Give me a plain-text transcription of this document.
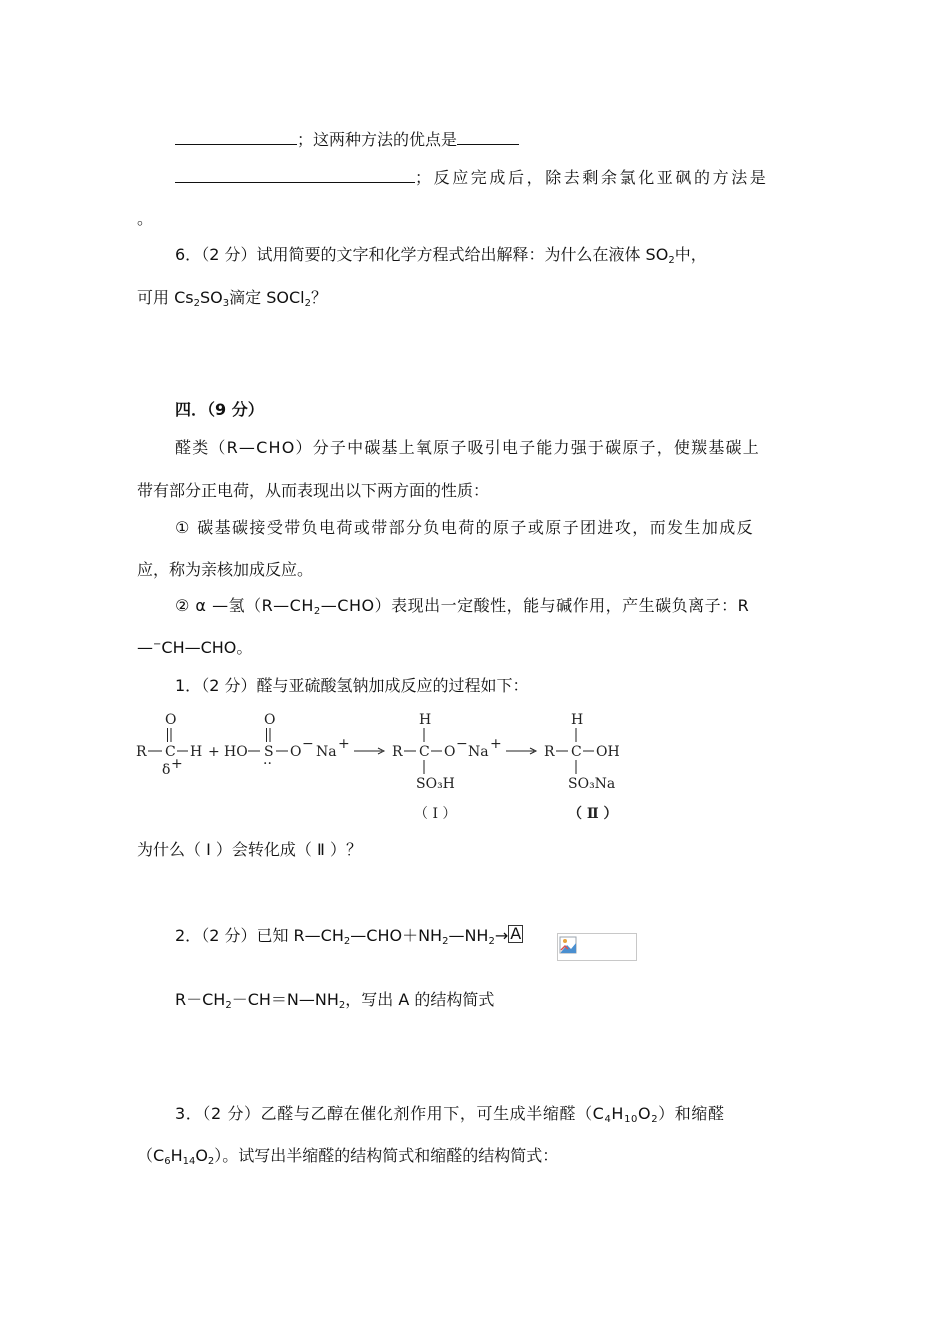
；这两种方法的优点是
；反应完成后，除去剩余氯化亚砜的方法是
。
6．（2 分）试用简要的文字和化学方程式给出解释：为什么在液体 $SO_2$中，
可用 $Cs_2SO_3$滴定 SOCl$_2$？
四．（9 分）
醛类（R—CHO）分子中碳基上氧原子吸引电子能力强于碳原子，使羰基碳上
带有部分正电荷，从而表现出以下两方面的性质：
① 碳基碳接受带负电荷或带部分负电荷的原子或原子团进攻，而发生加成反
应，称为亲核加成反应。
② α —氢$(R—CH_2—CHO)$表现出一定酸性，能与碱作用，产生碳负离子：R
—−CH—CHO。
1．（2 分）醛与亚硫酸氢钠加成反应的过程如下：
O
R C H
δ +
+ HO
O
S
··
O − Na +
H
R C O − Na +
SO₃H
（ Ⅰ ）
H
R C OH
SO₃Na
（ Ⅱ ）
为什么（ Ⅰ ）会转化成（ Ⅱ ）？
2．（2 分）已知 $R—CH_2—CHO+NH_2—NH_2\to A$
$R-CH_2-CH=N—NH_2$，写出 A 的结构简式
3．（2 分）乙醛与乙醇在催化剂作用下，可生成半缩醛$(C_4H_{10}O_2)$和缩醛
$(C_6H_{14}O_2)$。试写出半缩醛的结构简式和缩醛的结构简式：
